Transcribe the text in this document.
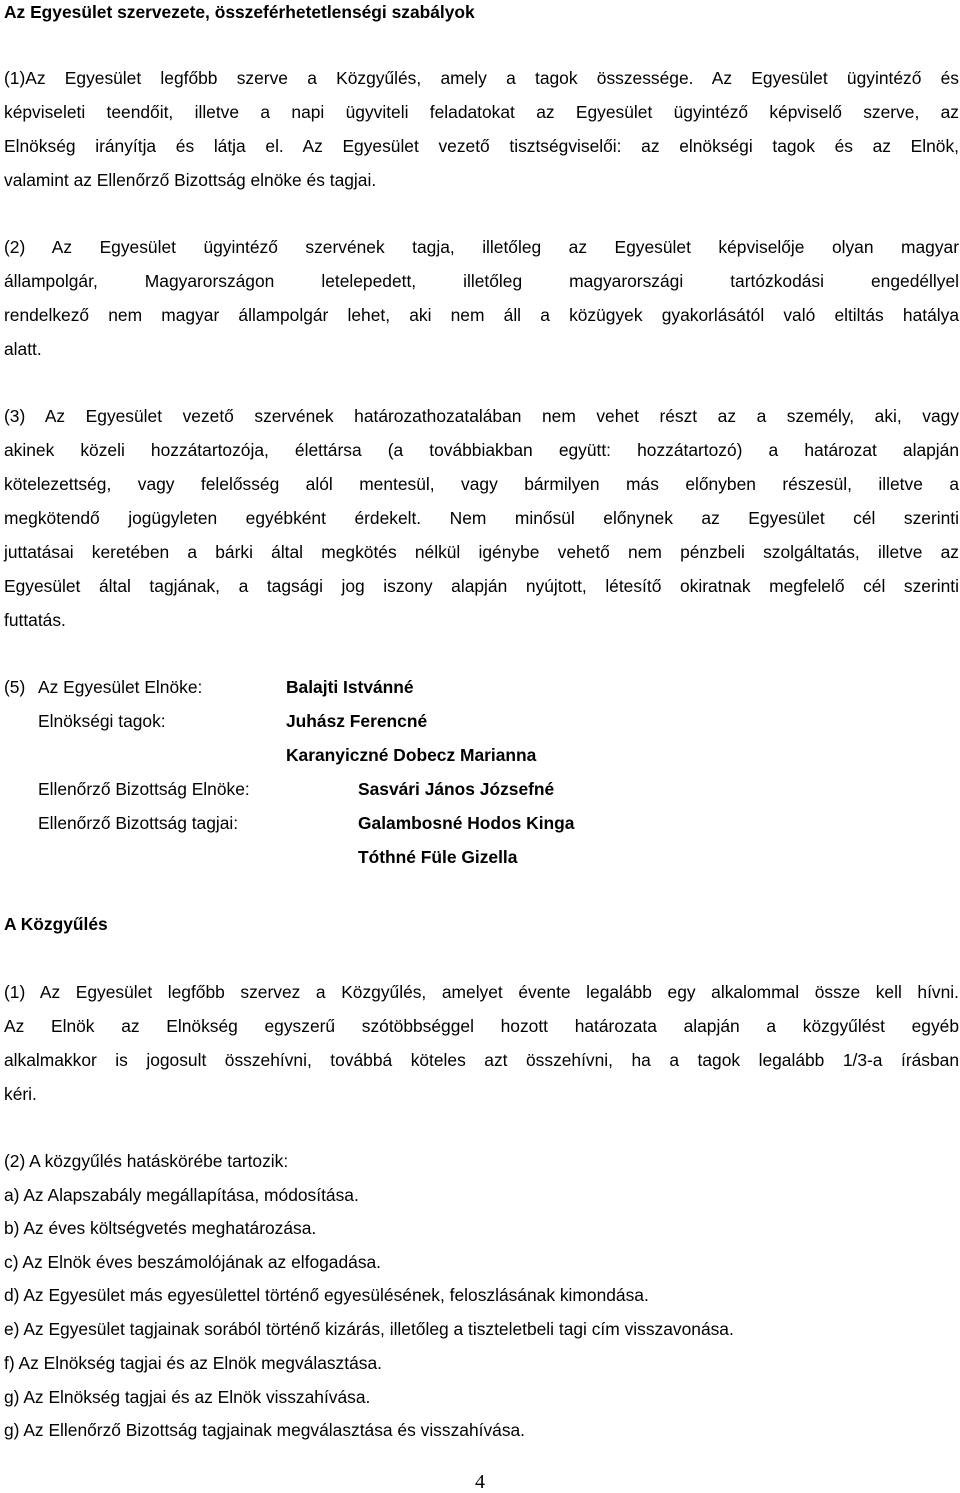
Az Egyesület szervezete, összeférhetetlenségi szabályok
(1)Az Egyesület legfőbb szerve a Közgyűlés, amely a tagok összessége. Az Egyesület ügyintéző és
képviseleti teendőit, illetve a napi ügyviteli feladatokat az Egyesület ügyintéző képviselő szerve, az
Elnökség irányítja és látja el. Az Egyesület vezető tisztségviselői: az elnökségi tagok és az Elnök,
valamint az Ellenőrző Bizottság elnöke és tagjai.
(2) Az Egyesület ügyintéző szervének tagja, illetőleg az Egyesület képviselője olyan magyar
állampolgár, Magyarországon letelepedett, illetőleg magyarországi tartózkodási engedéllyel
rendelkező nem magyar állampolgár lehet, aki nem áll a közügyek gyakorlásától való eltiltás hatálya
alatt.
(3) Az Egyesület vezető szervének határozathozatalában nem vehet részt az a személy, aki, vagy
akinek közeli hozzátartozója, élettársa (a továbbiakban együtt: hozzátartozó) a határozat alapján
kötelezettség, vagy felelősség alól mentesül, vagy bármilyen más előnyben részesül, illetve a
megkötendő jogügyleten egyébként érdekelt. Nem minősül előnynek az Egyesület cél szerinti
juttatásai keretében a bárki által megkötés nélkül igénybe vehető nem pénzbeli szolgáltatás, illetve az
Egyesület által tagjának, a tagsági jog iszony alapján nyújtott, létesítő okiratnak megfelelő cél szerinti
futtatás.
(5) Az Egyesület Elnöke:	Balajti Istvánné
Elnökségi tagok:	Juhász Ferencné
Karanyiczné Dobecz Marianna
Ellenőrző Bizottság Elnöke:	Sasvári János Józsefné
Ellenőrző Bizottság tagjai:	Galambosné Hodos Kinga
Tóthné Füle Gizella
A Közgyűlés
(1) Az Egyesület legfőbb szervez a Közgyűlés, amelyet évente legalább egy alkalommal össze kell hívni.
Az Elnök az Elnökség egyszerű szótöbbséggel hozott határozata alapján a közgyűlést egyéb
alkalmakkor is jogosult összehívni, továbbá köteles azt összehívni, ha a tagok legalább 1/3-a írásban
kéri.
(2) A közgyűlés hatáskörébe tartozik:
a) Az Alapszabály megállapítása, módosítása.
b) Az éves költségvetés meghatározása.
c) Az Elnök éves beszámolójának az elfogadása.
d) Az Egyesület más egyesülettel történő egyesülésének, feloszlásának kimondása.
e) Az Egyesület tagjainak sorából történő kizárás, illetőleg a tiszteletbeli tagi cím visszavonása.
f) Az Elnökség tagjai és az Elnök megválasztása.
g) Az Elnökség tagjai és az Elnök visszahívása.
g) Az Ellenőrző Bizottság tagjainak megválasztása és visszahívása.
4
